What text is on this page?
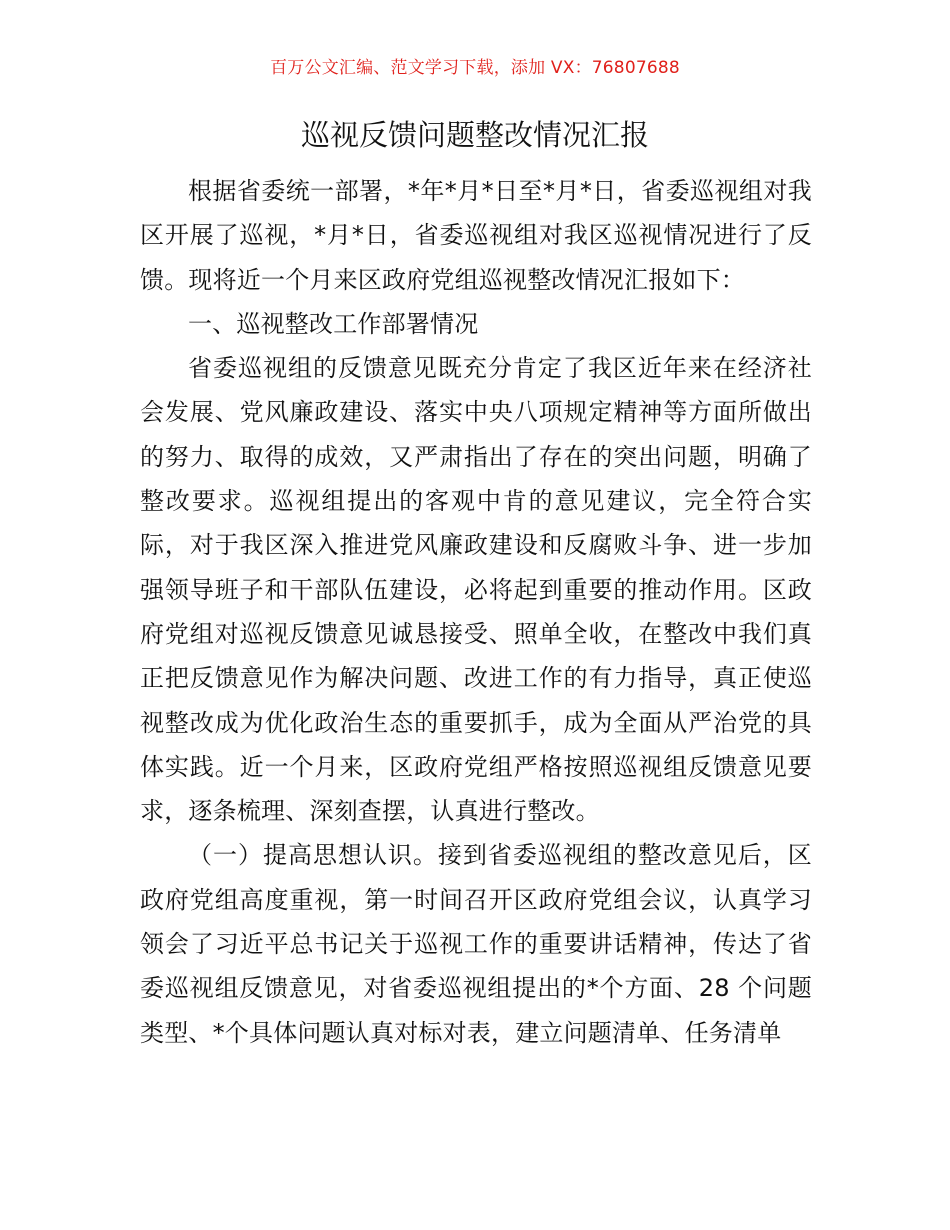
百万公文汇编、范文学习下载，添加 VX：76807688
巡视反馈问题整改情况汇报

根据省委统一部署，*年*月*日至*月*日，省委巡视组对我区开展了巡视，*月*日，省委巡视组对我区巡视情况进行了反馈。现将近一个月来区政府党组巡视整改情况汇报如下：

一、巡视整改工作部署情况

省委巡视组的反馈意见既充分肯定了我区近年来在经济社会发展、党风廉政建设、落实中央八项规定精神等方面所做出的努力、取得的成效，又严肃指出了存在的突出问题，明确了整改要求。巡视组提出的客观中肯的意见建议，完全符合实际，对于我区深入推进党风廉政建设和反腐败斗争、进一步加强领导班子和干部队伍建设，必将起到重要的推动作用。区政府党组对巡视反馈意见诚恳接受、照单全收，在整改中我们真正把反馈意见作为解决问题、改进工作的有力指导，真正使巡视整改成为优化政治生态的重要抓手，成为全面从严治党的具体实践。近一个月来，区政府党组严格按照巡视组反馈意见要求，逐条梳理、深刻查摆，认真进行整改。

（一）提高思想认识。接到省委巡视组的整改意见后，区政府党组高度重视，第一时间召开区政府党组会议，认真学习领会了习近平总书记关于巡视工作的重要讲话精神，传达了省委巡视组反馈意见，对省委巡视组提出的*个方面、28 个问题类型、*个具体问题认真对标对表，建立问题清单、任务清单
